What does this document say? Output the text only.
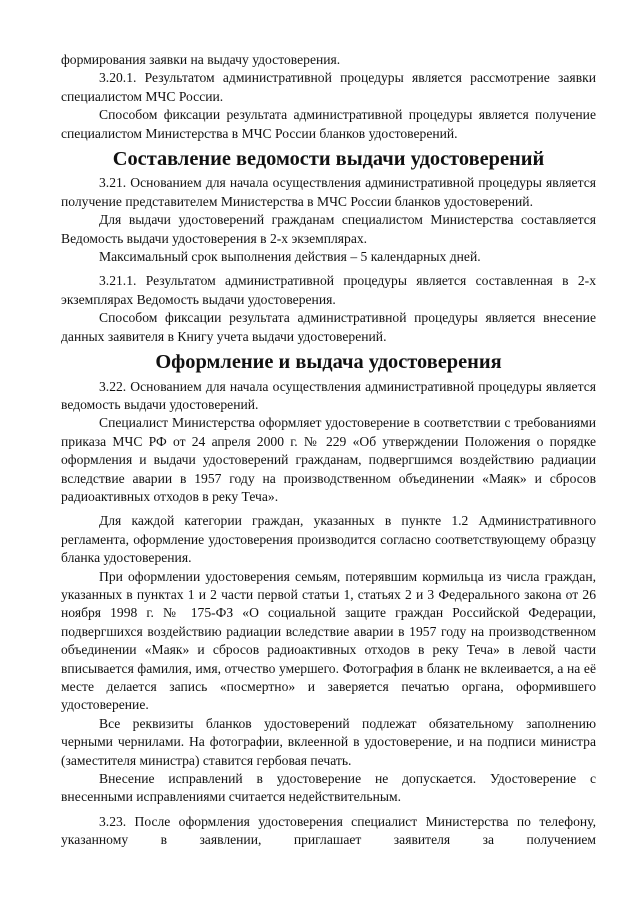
формирования заявки на выдачу удостоверения.

3.20.1. Результатом административной процедуры является рассмотрение заявки специалистом МЧС России.

Способом фиксации результата административной процедуры является получение специалистом Министерства в МЧС России бланков удостоверений.

Составление ведомости выдачи удостоверений

3.21. Основанием для начала осуществления административной процедуры является получение представителем Министерства в МЧС России бланков удостоверений.

Для выдачи удостоверений гражданам специалистом Министерства составляется Ведомость выдачи удостоверения в 2-х экземплярах.

Максимальный срок выполнения действия – 5 календарных дней.

3.21.1. Результатом административной процедуры является составленная в 2-х экземплярах Ведомость выдачи удостоверения.

Способом фиксации результата административной процедуры является внесение данных заявителя в Книгу учета выдачи удостоверений.

Оформление и выдача удостоверения

3.22. Основанием для начала осуществления административной процедуры является ведомость выдачи удостоверений.

Специалист Министерства оформляет удостоверение в соответствии с требованиями приказа МЧС РФ от 24 апреля 2000 г. № 229 «Об утверждении Положения о порядке оформления и выдачи удостоверений гражданам, подвергшимся воздействию радиации вследствие аварии в 1957 году на производственном объединении «Маяк» и сбросов радиоактивных отходов в реку Теча».

Для каждой категории граждан, указанных в пункте 1.2 Административного регламента, оформление удостоверения производится согласно соответствующему образцу бланка удостоверения.

При оформлении удостоверения семьям, потерявшим кормильца из числа граждан, указанных в пунктах 1 и 2 части первой статьи 1, статьях 2 и 3 Федерального закона от 26 ноября 1998 г. № 175-ФЗ «О социальной защите граждан Российской Федерации, подвергшихся воздействию радиации вследствие аварии в 1957 году на производственном объединении «Маяк» и сбросов радиоактивных отходов в реку Теча» в левой части вписывается фамилия, имя, отчество умершего. Фотография в бланк не вклеивается, а на её месте делается запись «посмертно» и заверяется печатью органа, оформившего удостоверение.

Все реквизиты бланков удостоверений подлежат обязательному заполнению черными чернилами. На фотографии, вклеенной в удостоверение, и на подписи министра (заместителя министра) ставится гербовая печать.

Внесение исправлений в удостоверение не допускается. Удостоверение с внесенными исправлениями считается недействительным.

3.23. После оформления удостоверения специалист Министерства по телефону, указанному в заявлении, приглашает заявителя за получением
